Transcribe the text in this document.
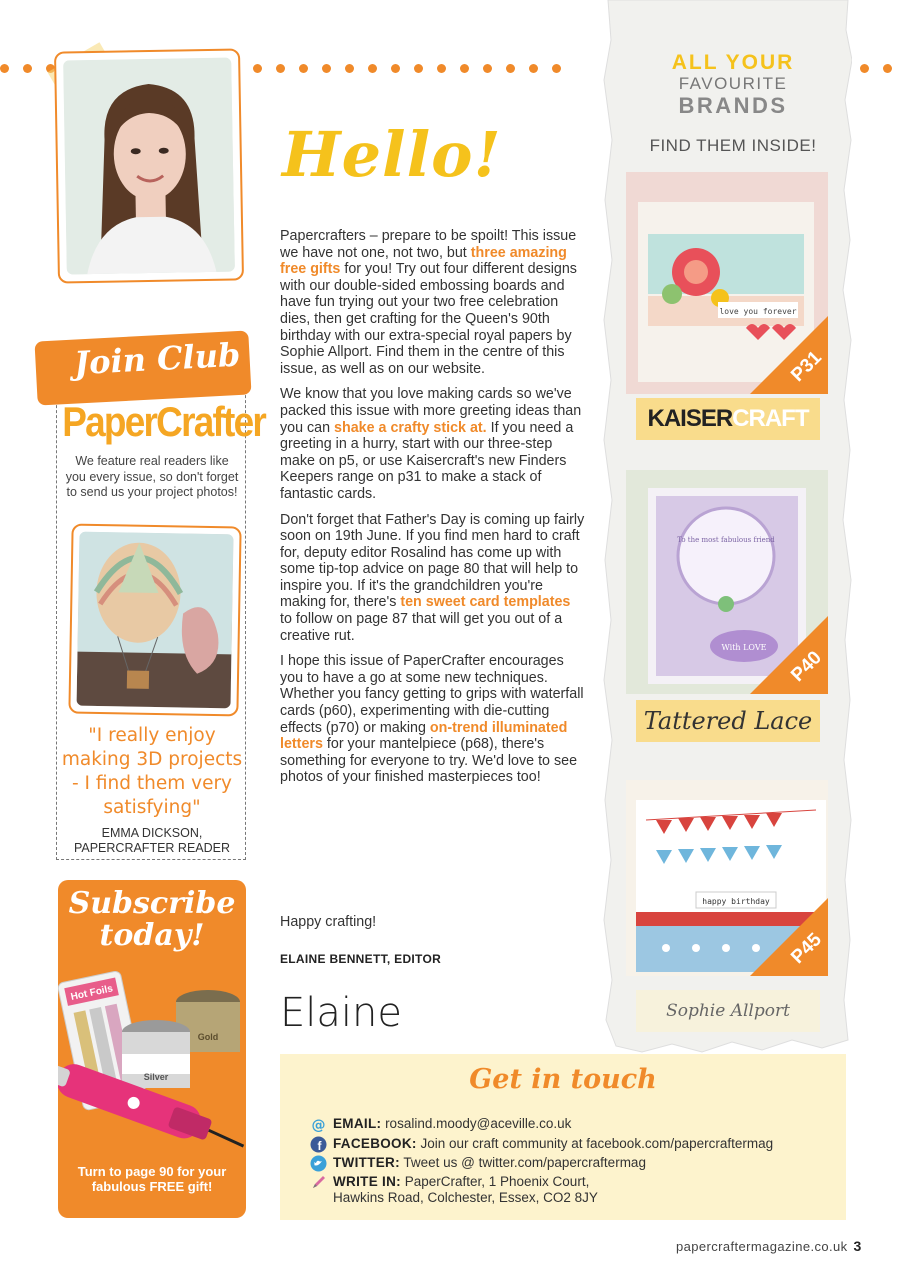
Hello!

Papercrafters – prepare to be spoilt! This issue we have not one, not two, but three amazing free gifts for you! Try out four different designs with our double-sided embossing boards and have fun trying out your two free celebration dies, then get crafting for the Queen's 90th birthday with our extra-special royal papers by Sophie Allport. Find them in the centre of this issue, as well as on our website.

We know that you love making cards so we've packed this issue with more greeting ideas than you can shake a crafty stick at. If you need a greeting in a hurry, start with our three-step make on p5, or use Kaisercraft's new Finders Keepers range on p31 to make a stack of fantastic cards.

Don't forget that Father's Day is coming up fairly soon on 19th June. If you find men hard to craft for, deputy editor Rosalind has come up with some tip-top advice on page 80 that will help to inspire you. If it's the grandchildren you're making for, there's ten sweet card templates to follow on page 87 that will get you out of a creative rut.

I hope this issue of PaperCrafter encourages you to have a go at some new techniques. Whether you fancy getting to grips with waterfall cards (p60), experimenting with die-cutting effects (p70) or making on-trend illuminated letters for your mantelpiece (p68), there's something for everyone to try. We'd love to see photos of your finished masterpieces too!

Happy crafting!
ELAINE BENNETT, EDITOR
Elaine
Join Club
PaperCrafter
We feature real readers like you every issue, so don't forget to send us your project photos!
"I really enjoy making 3D projects - I find them very satisfying"
EMMA DICKSON,
PAPERCRAFTER READER
Subscribe
today!
Hot Foils
Gold
Silver
Turn to page 90 for your fabulous FREE gift!
ALL YOUR
FAVOURITE
BRANDS
FIND THEM INSIDE!
love you forever
P31
KAISER CRAFT
To the most fabulous friend
With LOVE P40
Tattered Lace
happy birthday
P45
Sophie Allport
Get in touch
@ EMAIL: rosalind.moody@aceville.co.uk
f FACEBOOK: Join our craft community at facebook.com/papercraftermag
TWITTER: Tweet us @ twitter.com/papercraftermag
WRITE IN: PaperCrafter, 1 Phoenix Court,
Hawkins Road, Colchester, Essex, CO2 8JY
papercraftermagazine.co.uk 3
